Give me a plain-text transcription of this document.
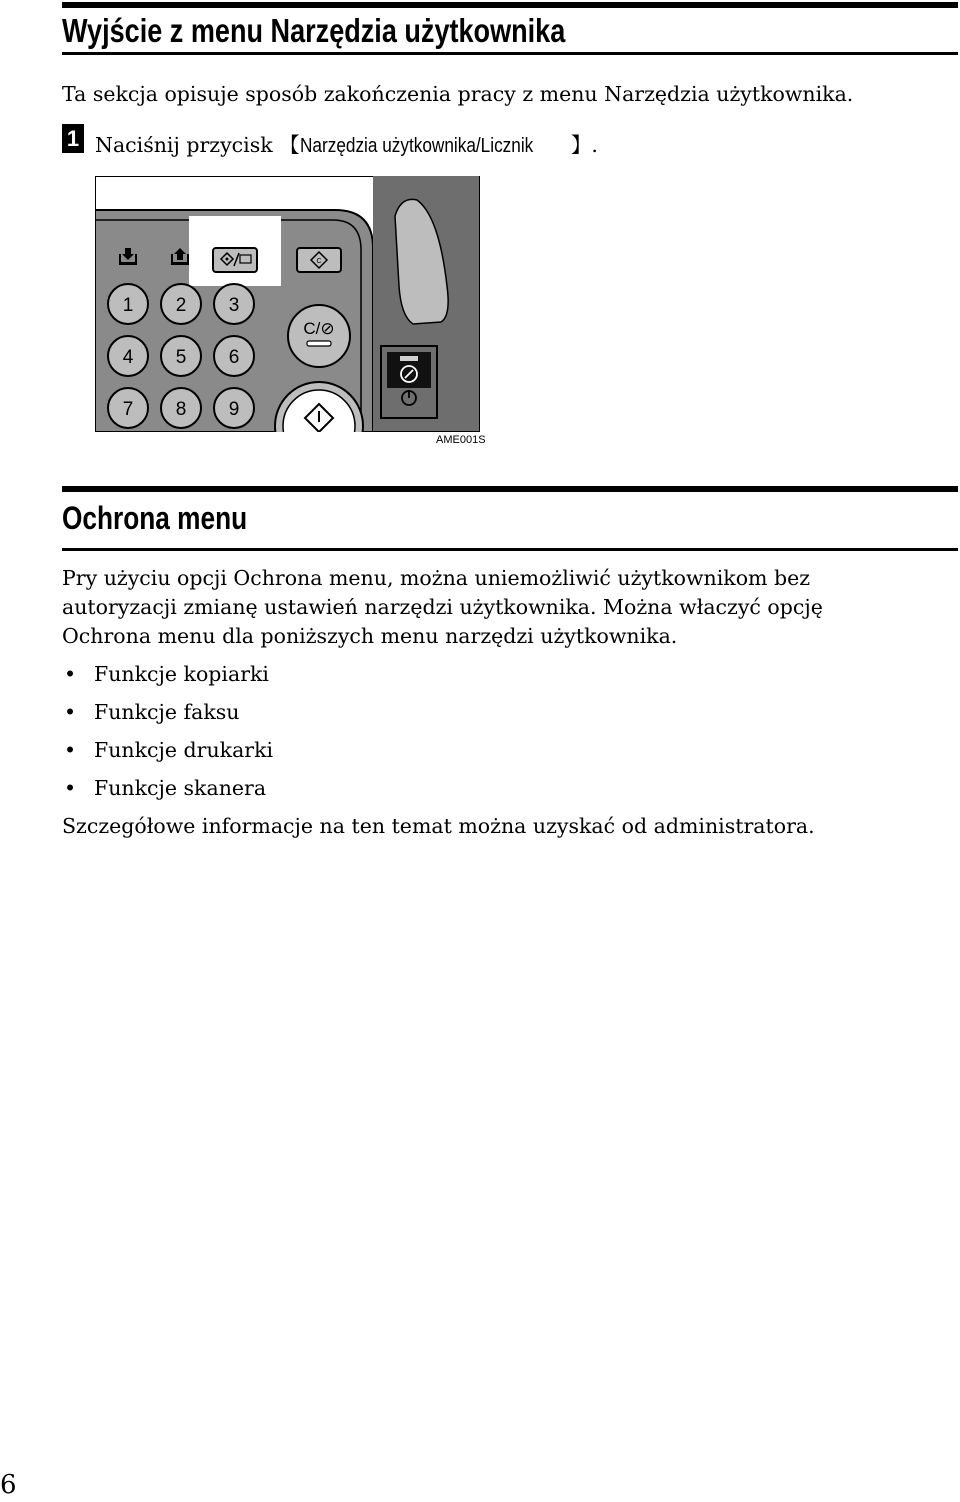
Wyjście z menu Narzędzia użytkownika
Ta sekcja opisuje sposób zakończenia pracy z menu Narzędzia użytkownika.
1 Naciśnij przycisk 【Narzędzia użytkownika/Licznik 】.
C
1 2 3
4 5 6
7 8 9
C/⊘
AME001S
Ochrona menu
Pry użyciu opcji Ochrona menu, można uniemożliwić użytkownikom bez
autoryzacji zmianę ustawień narzędzi użytkownika. Można właczyć opcję
Ochrona menu dla poniższych menu narzędzi użytkownika.
• Funkcje kopiarki
• Funkcje faksu
• Funkcje drukarki
• Funkcje skanera
Szczegółowe informacje na ten temat można uzyskać od administratora.
6
